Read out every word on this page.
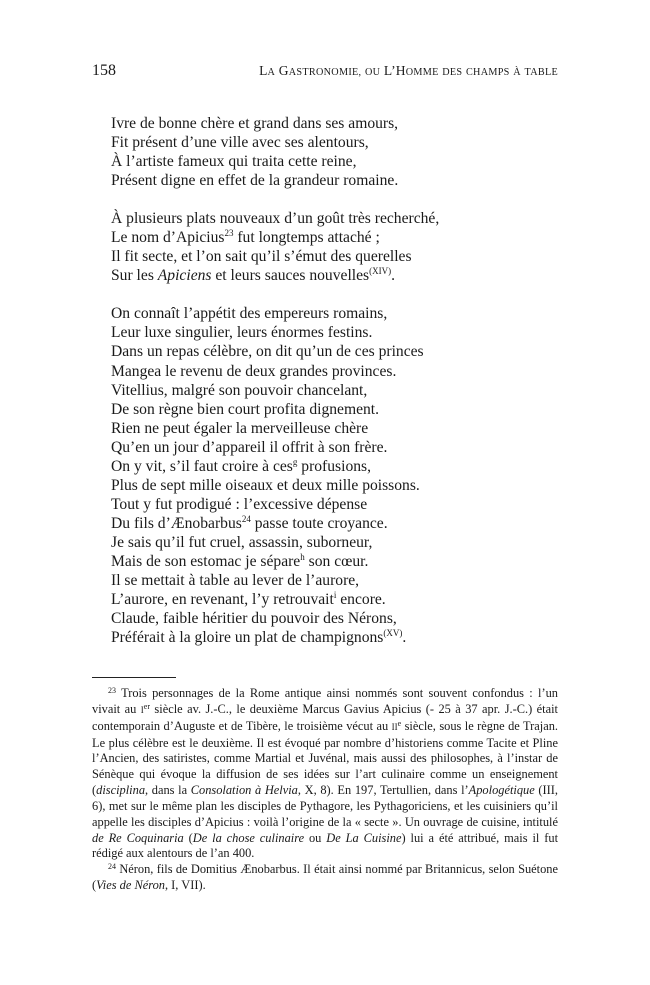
158	LA GASTRONOMIE, OU L’HOMME DES CHAMPS À TABLE
Ivre de bonne chère et grand dans ses amours,
Fit présent d’une ville avec ses alentours,
À l’artiste fameux qui traita cette reine,
Présent digne en effet de la grandeur romaine.
À plusieurs plats nouveaux d’un goût très recherché,
Le nom d’Apicius$^{23}$ fut longtemps attaché ;
Il fit secte, et l’on sait qu’il s’émut des querelles
Sur les Apiciens et leurs sauces nouvelles$^{(XIV)}$.
On connaît l’appétit des empereurs romains,
Leur luxe singulier, leurs énormes festins.
Dans un repas célèbre, on dit qu’un de ces princes
Mangea le revenu de deux grandes provinces.
Vitellius, malgré son pouvoir chancelant,
De son règne bien court profita dignement.
Rien ne peut égaler la merveilleuse chère
Qu’en un jour d’appareil il offrit à son frère.
On y vit, s’il faut croire à ces$^g$ profusions,
Plus de sept mille oiseaux et deux mille poissons.
Tout y fut prodigué : l’excessive dépense
Du fils d’Ænobarbus$^{24}$ passe toute croyance.
Je sais qu’il fut cruel, assassin, suborneur,
Mais de son estomac je sépare$^h$ son cœur.
Il se mettait à table au lever de l’aurore,
L’aurore, en revenant, l’y retrouvait$^i$ encore.
Claude, faible héritier du pouvoir des Nérons,
Préférait à la gloire un plat de champignons$^{(XV)}$.

$^{23}$ Trois personnages de la Rome antique ainsi nommés sont souvent confondus : l’un vivait au Ier siècle av. J.-C., le deuxième Marcus Gavius Apicius (- 25 à 37 apr. J.-C.) était contemporain d’Auguste et de Tibère, le troisième vécut au IIe siècle, sous le règne de Trajan. Le plus célèbre est le deuxième. Il est évoqué par nombre d’historiens comme Tacite et Pline l’Ancien, des satiristes, comme Martial et Juvénal, mais aussi des philosophes, à l’instar de Sénèque qui évoque la diffusion de ses idées sur l’art culinaire comme un enseignement (disciplina, dans la Consolation à Helvia, X, 8). En 197, Tertullien, dans l’Apologétique (III, 6), met sur le même plan les disciples de Pythagore, les Pythagoriciens, et les cuisiniers qu’il appelle les disciples d’Apicius : voilà l’origine de la « secte ». Un ouvrage de cuisine, intitulé de Re Coquinaria (De la chose culinaire ou De La Cuisine) lui a été attribué, mais il fut rédigé aux alentours de l’an 400.

$^{24}$ Néron, fils de Domitius Ænobarbus. Il était ainsi nommé par Britannicus, selon Suétone (Vies de Néron, I, VII).
